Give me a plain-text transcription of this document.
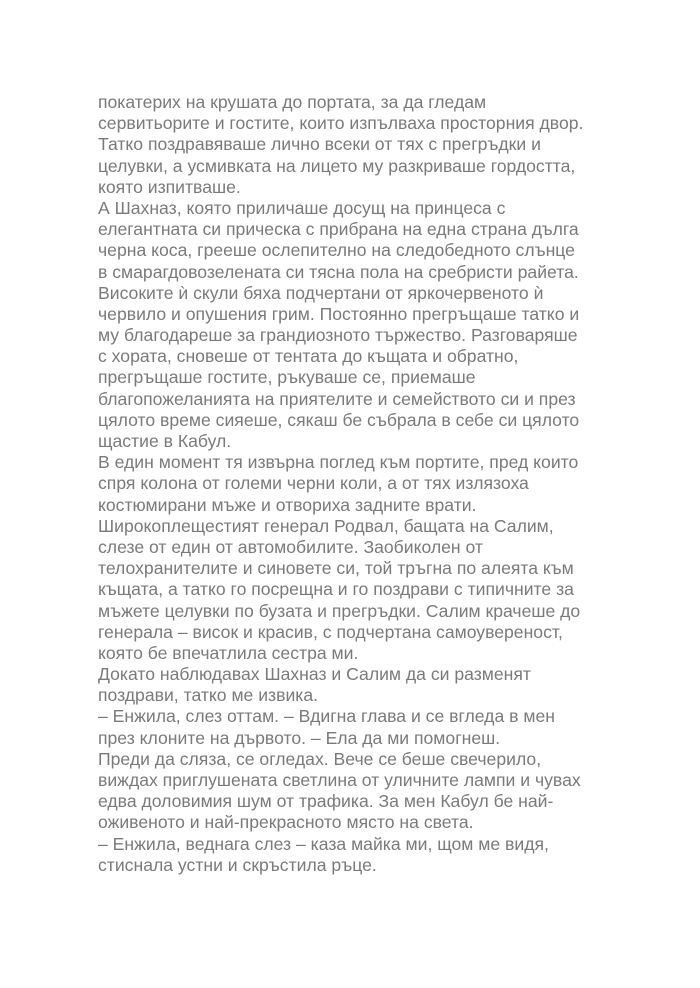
покатерих на крушата до портата, за да гледам
сервитьорите и гостите, които изпълваха просторния двор.
Татко поздравяваше лично всеки от тях с прегръдки и
целувки, а усмивката на лицето му разкриваше гордостта,
която изпитваше.
А Шахназ, която приличаше досущ на принцеса с
елегантната си прическа с прибрана на една страна дълга
черна коса, грееше ослепително на следобедното слънце
в смарагдовозелената си тясна пола на сребристи райета.
Високите ѝ скули бяха подчертани от яркочервеното ѝ
червило и опушения грим. Постоянно прегръщаше татко и
му благодареше за грандиозното тържество. Разговаряше
с хората, сновеше от тентата до къщата и обратно,
прегръщаше гостите, ръкуваше се, приемаше
благопожеланията на приятелите и семейството си и през
цялото време сияеше, сякаш бе събрала в себе си цялото
щастие в Кабул.
В един момент тя извърна поглед към портите, пред които
спря колона от големи черни коли, а от тях излязоха
костюмирани мъже и отвориха задните врати.
Широкоплещестият генерал Родвал, бащата на Салим,
слезе от един от автомобилите. Заобиколен от
телохранителите и синовете си, той тръгна по алеята към
къщата, а татко го посрещна и го поздрави с типичните за
мъжете целувки по бузата и прегръдки. Салим крачеше до
генерала – висок и красив, с подчертана самоувереност,
която бе впечатлила сестра ми.
Докато наблюдавах Шахназ и Салим да си разменят
поздрави, татко ме извика.
– Енжила, слез оттам. – Вдигна глава и се вгледа в мен
през клоните на дървото. – Ела да ми помогнеш.
Преди да сляза, се огледах. Вече се беше свечерило,
виждах приглушената светлина от уличните лампи и чувах
едва доловимия шум от трафика. За мен Кабул бе най-
оживеното и най-прекрасното място на света.
– Енжила, веднага слез – каза майка ми, щом ме видя,
стиснала устни и скръстила ръце.
